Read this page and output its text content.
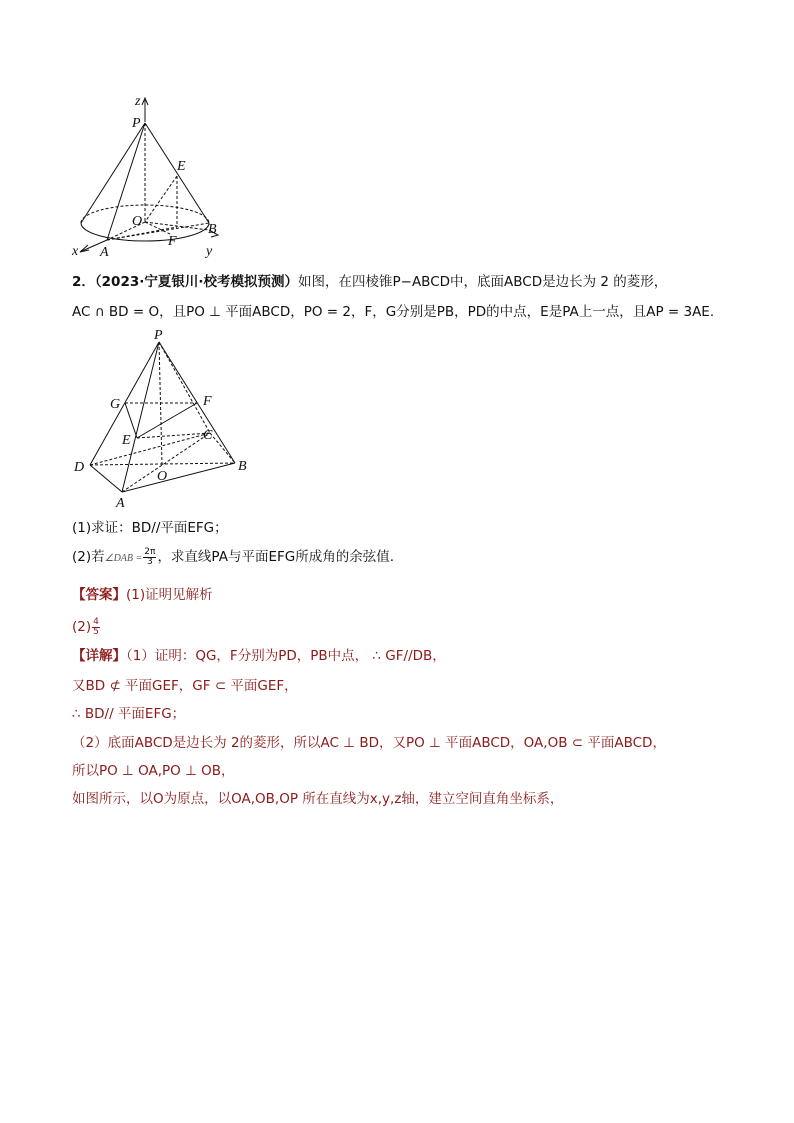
z
P
E
O
B
F
x A	y
2．（2023·宁夏银川·校考模拟预测）如图，在四棱锥P−ABCD中，底面ABCD是边长为 2 的菱形，
AC ∩ BD = O，且PO ⊥ 平面ABCD，PO = 2，F，G分别是PB，PD的中点，E是PA上一点，且AP = 3AE.
P
G	F
E	C
D
O
B
A
(1)求证：BD//平面EFG；
(2)若∠DAB = $\frac{2\pi}{3}$ ，求直线PA与平面EFG所成角的余弦值.
【答案】(1)证明见解析
$(2) \frac{4}{5}$
【详解】（1）证明：QG，F分别为PD，PB中点， ∴ GF//DB，
又BD ⊄ 平面GEF，GF ⊂ 平面GEF，
∴ BD// 平面EFG；
（2）底面ABCD是边长为 2的菱形，所以AC ⊥ BD，又PO ⊥ 平面ABCD，OA,OB ⊂ 平面ABCD，
所以PO ⊥ OA,PO ⊥ OB，
如图所示，以O为原点，以OA,OB,OP 所在直线为x,y,z轴，建立空间直角坐标系，
